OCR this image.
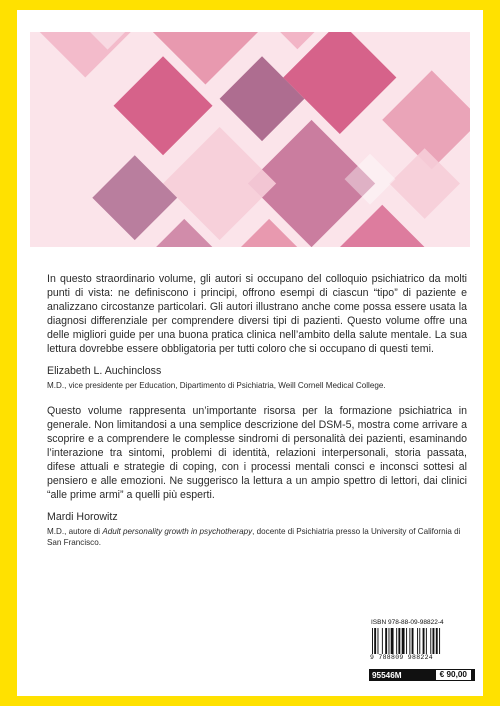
In questo straordinario volume, gli autori si occupano del colloquio psichiatrico da molti punti di vista: ne definiscono i principi, offrono esempi di ciascun “tipo” di paziente e analizzano circostanze particolari. Gli autori illustrano anche come possa essere usata la diagnosi differenziale per comprendere diversi tipi di pazienti. Questo volume offre una delle migliori guide per una buona pratica clinica nell’ambito della salute mentale. La sua lettura dovrebbe essere obbligatoria per tutti coloro che si occupano di questi temi.

Elizabeth L. Auchincloss

M.D., vice presidente per Education, Dipartimento di Psichiatria, Weill Cornell Medical College.

Questo volume rappresenta un’importante risorsa per la formazione psichiatrica in generale. Non limitandosi a una semplice descrizione del DSM-5, mostra come arrivare a scoprire e a comprendere le complesse sindromi di personalità dei pazienti, esaminando l’interazione tra sintomi, problemi di identità, relazioni interpersonali, storia passata, difese attuali e strategie di coping, con i processi mentali consci e inconsci sottesi al pensiero e alle emozioni. Ne suggerisco la lettura a un ampio spettro di lettori, dai clinici “alle prime armi” a quelli più esperti.

Mardi Horowitz

M.D., autore di Adult personality growth in psychotherapy, docente di Psichiatria presso la University of California di San Francisco.

ISBN 978-88-09-98822-4

9 788809 988224
95546M	€ 90,00
